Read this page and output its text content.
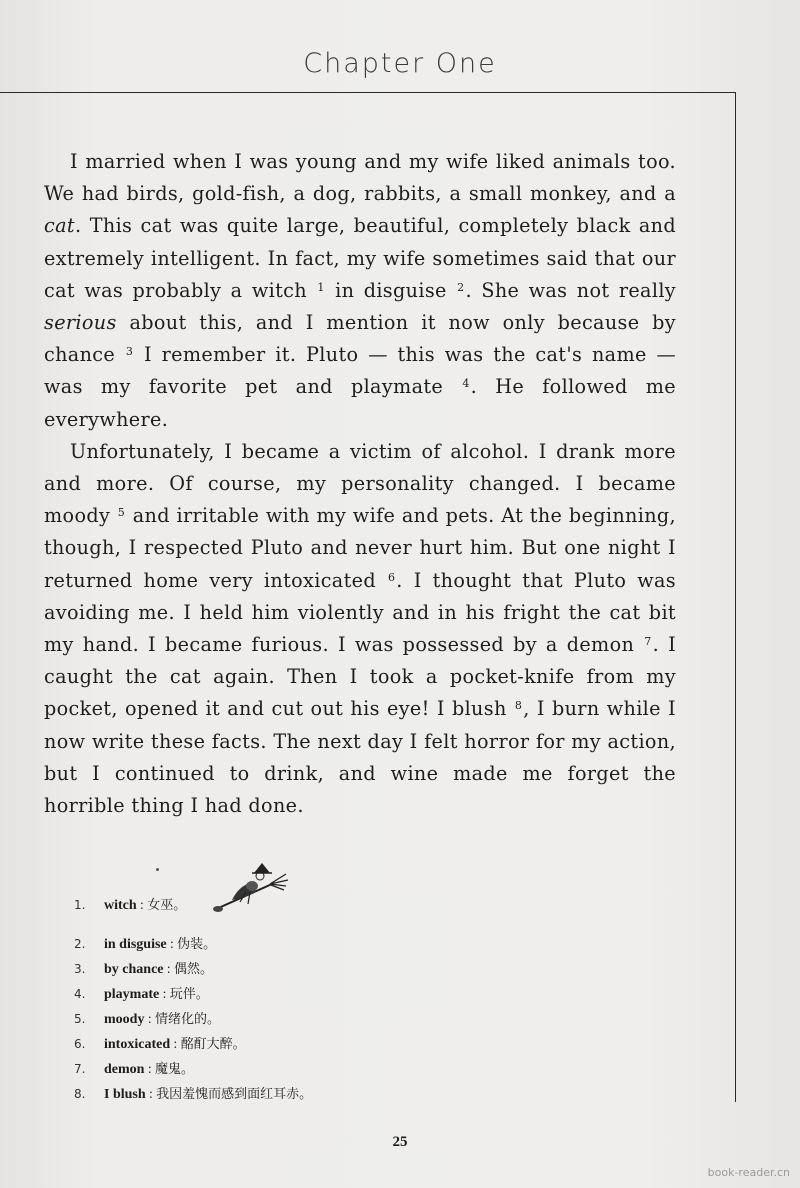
Chapter One

I married when I was young and my wife liked animals too. We had birds, gold-fish, a dog, rabbits, a small monkey, and a cat. This cat was quite large, beautiful, completely black and extremely intelligent. In fact, my wife sometimes said that our cat was probably a witch $^1$ in disguise $^2$. She was not really serious about this, and I mention it now only because by chance $^3$ I remember it. Pluto — this was the cat's name — was my favorite pet and playmate $^4$. He followed me everywhere.

Unfortunately, I became a victim of alcohol. I drank more and more. Of course, my personality changed. I became moody $^5$ and irritable with my wife and pets. At the beginning, though, I respected Pluto and never hurt him. But one night I returned home very intoxicated $^6$. I thought that Pluto was avoiding me. I held him violently and in his fright the cat bit my hand. I became furious. I was possessed by a demon $^7$. I caught the cat again. Then I took a pocket-knife from my pocket, opened it and cut out his eye! I blush $^8$, I burn while I now write these facts. The next day I felt horror for my action, but I continued to drink, and wine made me forget the horrible thing I had done.

1. witch : 女巫。
2. in disguise : 伪装。
3. by chance : 偶然。
4. playmate : 玩伴。
5. moody : 情绪化的。
6. intoxicated : 酩酊大醉。
7. demon : 魔鬼。
8. I blush : 我因羞愧而感到面红耳赤。
25
book-reader.cn
